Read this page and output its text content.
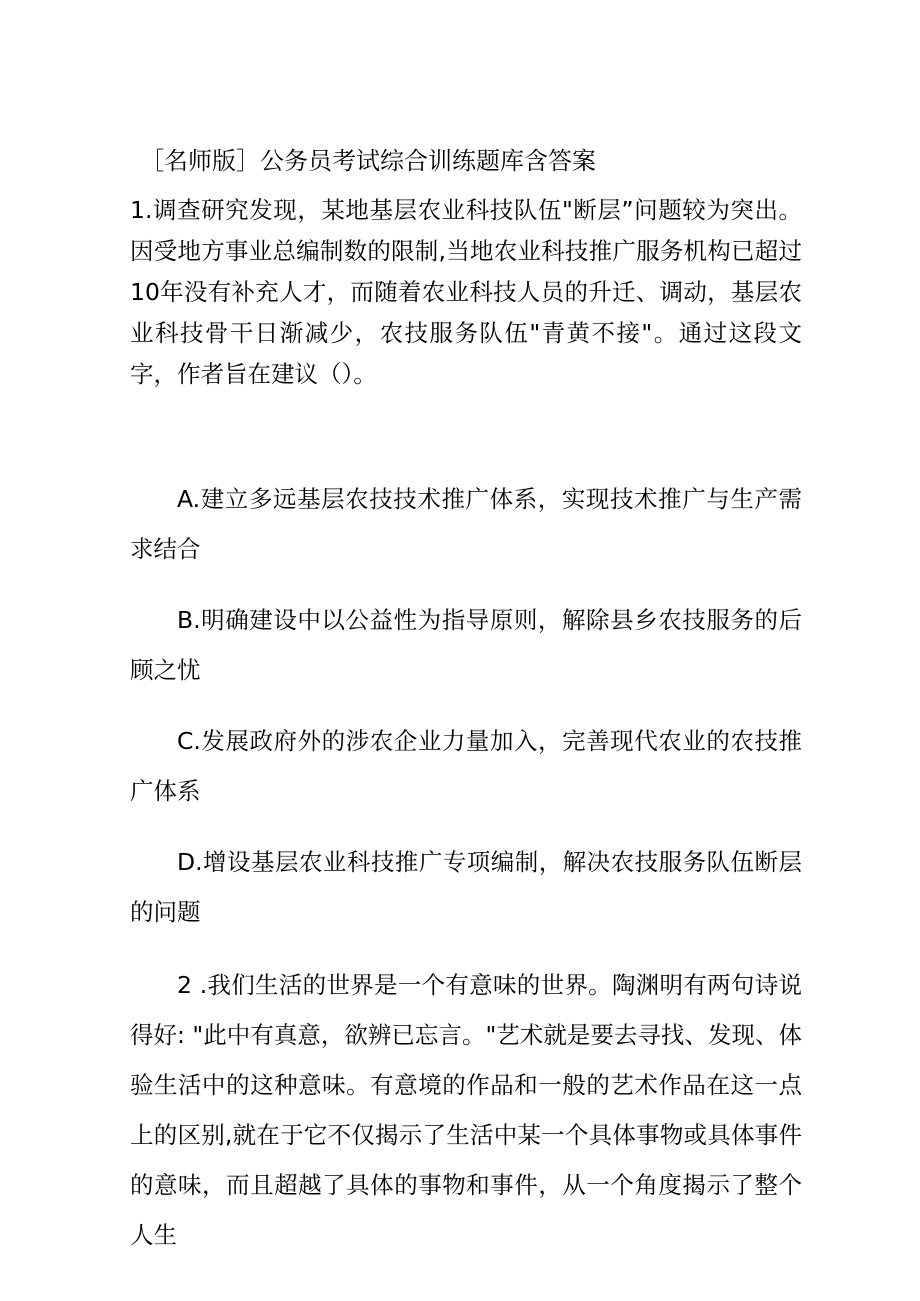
［名师版］公务员考试综合训练题库含答案

1.调查研究发现，某地基层农业科技队伍"断层”问题较为突出。因受地方事业总编制数的限制,当地农业科技推广服务机构已超过10年没有补充人才，而随着农业科技人员的升迁、调动，基层农业科技骨干日渐减少，农技服务队伍"青黄不接"。通过这段文字，作者旨在建议（）。

A.建立多远基层农技技术推广体系，实现技术推广与生产需求结合

B.明确建设中以公益性为指导原则，解除县乡农技服务的后顾之忧

C.发展政府外的涉农企业力量加入，完善现代农业的农技推广体系

D.增设基层农业科技推广专项编制，解决农技服务队伍断层的问题

2 .我们生活的世界是一个有意味的世界。陶渊明有两句诗说得好: "此中有真意，欲辨已忘言。"艺术就是要去寻找、发现、体验生活中的这种意味。有意境的作品和一般的艺术作品在这一点上的区别,就在于它不仅揭示了生活中某一个具体事物或具体事件的意味，而且超越了具体的事物和事件，从一个角度揭示了整个人生
